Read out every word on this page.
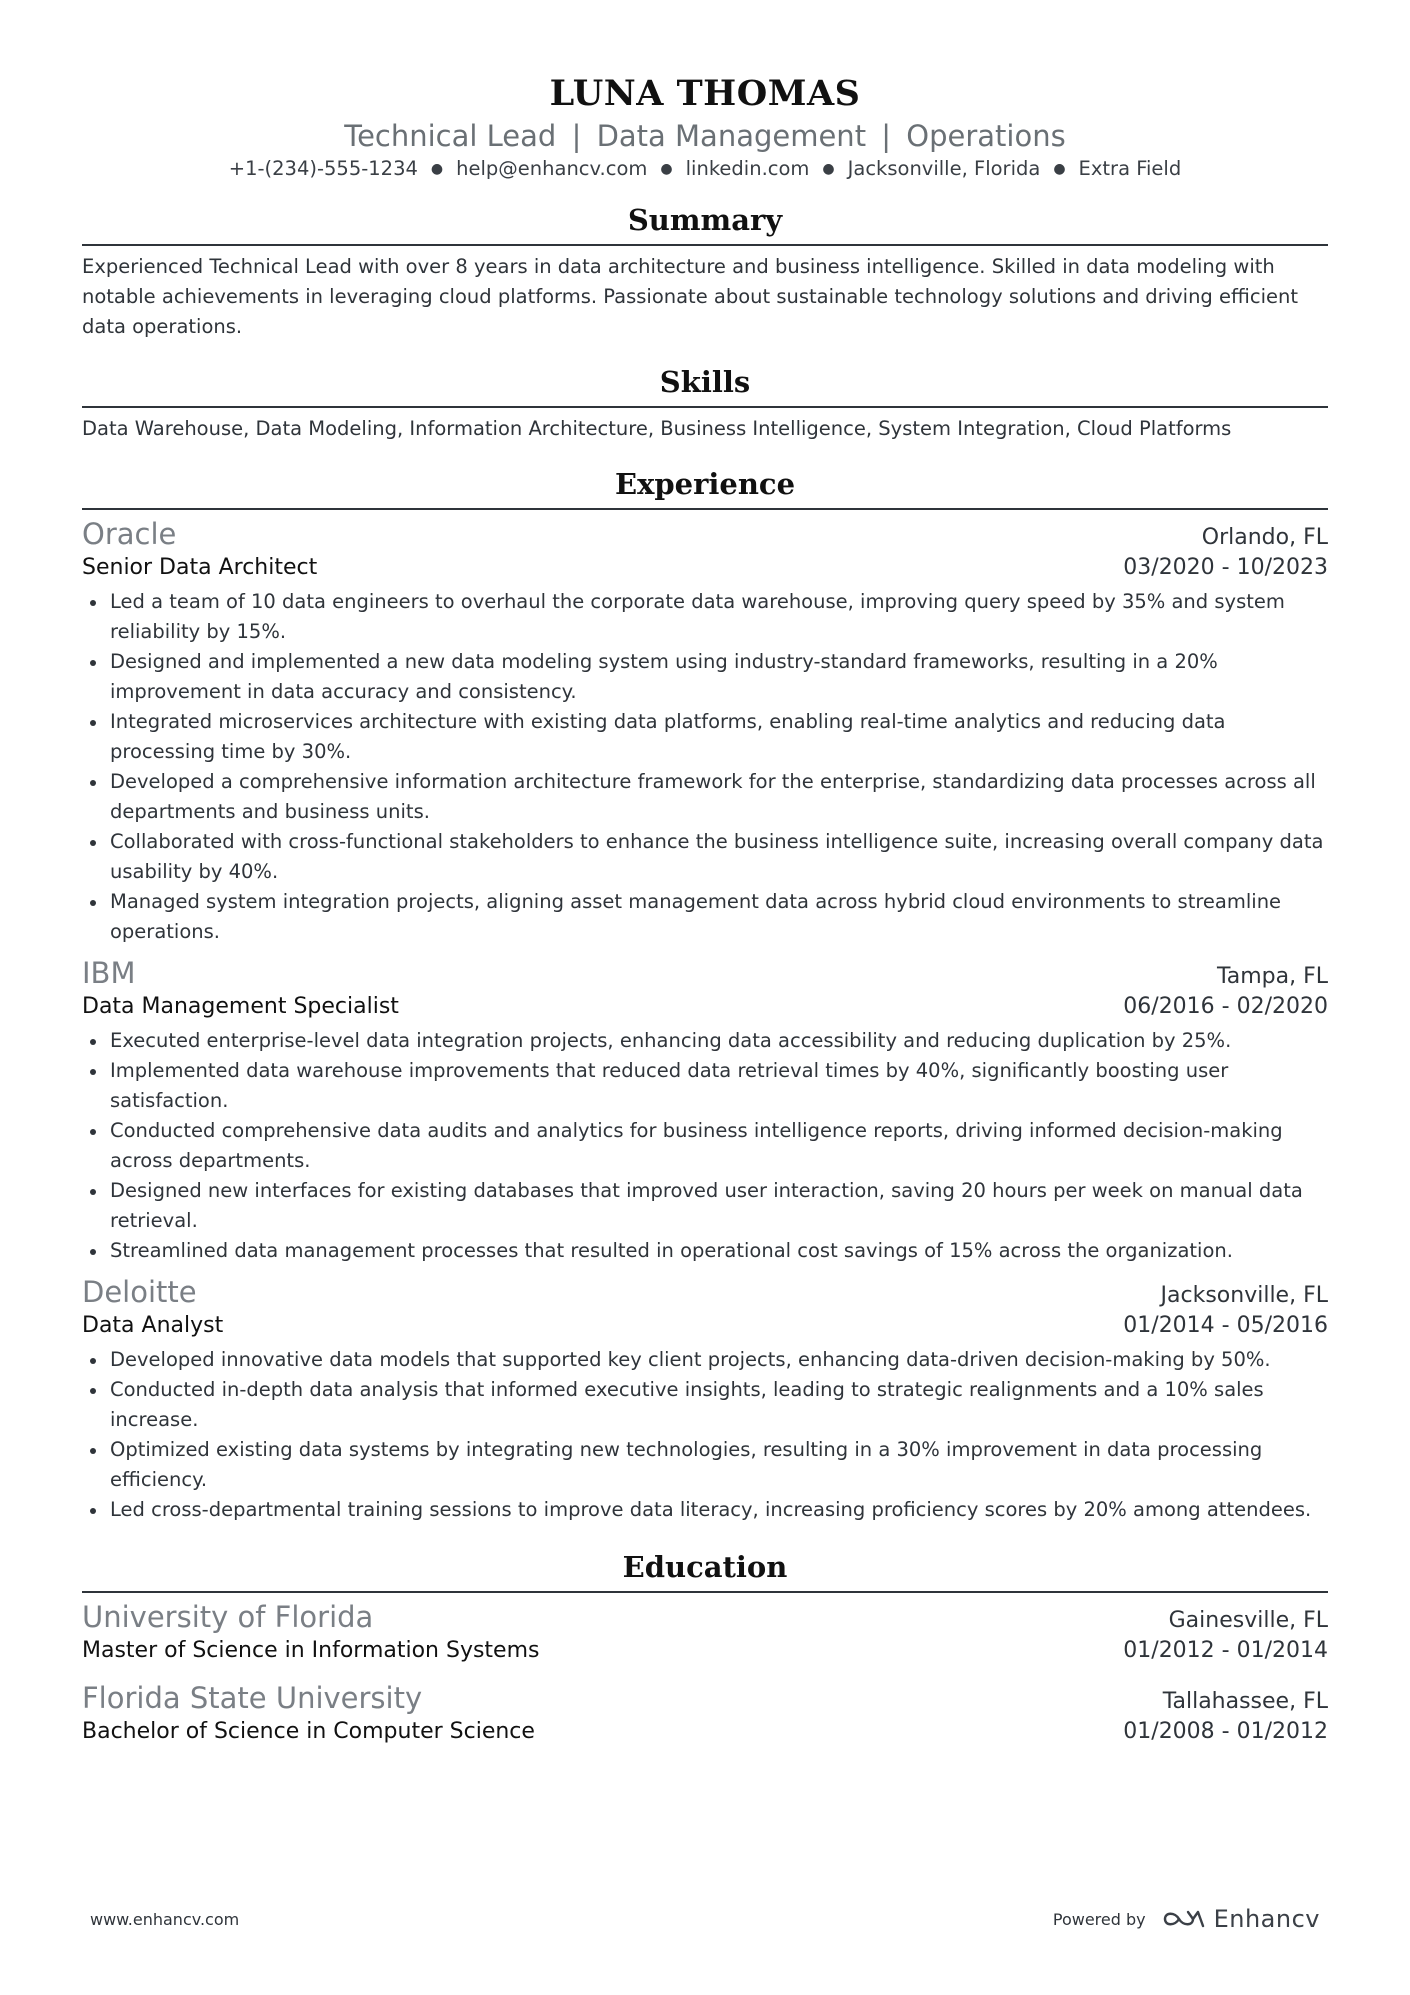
LUNA THOMAS
Technical Lead | Data Management | Operations
+1-(234)-555-1234 ● help@enhancv.com ● linkedin.com ● Jacksonville, Florida ● Extra Field
Summary
Experienced Technical Lead with over 8 years in data architecture and business intelligence. Skilled in data modeling with notable achievements in leveraging cloud platforms. Passionate about sustainable technology solutions and driving efficient data operations.
Skills
Data Warehouse, Data Modeling, Information Architecture, Business Intelligence, System Integration, Cloud Platforms
Experience
Oracle	Orlando, FL
Senior Data Architect	03/2020 - 10/2023
Led a team of 10 data engineers to overhaul the corporate data warehouse, improving query speed by 35% and system reliability by 15%.
Designed and implemented a new data modeling system using industry-standard frameworks, resulting in a 20% improvement in data accuracy and consistency.
Integrated microservices architecture with existing data platforms, enabling real-time analytics and reducing data processing time by 30%.
Developed a comprehensive information architecture framework for the enterprise, standardizing data processes across all departments and business units.
Collaborated with cross-functional stakeholders to enhance the business intelligence suite, increasing overall company data usability by 40%.
Managed system integration projects, aligning asset management data across hybrid cloud environments to streamline operations.
IBM	Tampa, FL
Data Management Specialist	06/2016 - 02/2020
Executed enterprise-level data integration projects, enhancing data accessibility and reducing duplication by 25%.
Implemented data warehouse improvements that reduced data retrieval times by 40%, significantly boosting user satisfaction.
Conducted comprehensive data audits and analytics for business intelligence reports, driving informed decision-making across departments.
Designed new interfaces for existing databases that improved user interaction, saving 20 hours per week on manual data retrieval.
Streamlined data management processes that resulted in operational cost savings of 15% across the organization.
Deloitte	Jacksonville, FL
Data Analyst	01/2014 - 05/2016
Developed innovative data models that supported key client projects, enhancing data-driven decision-making by 50%.
Conducted in-depth data analysis that informed executive insights, leading to strategic realignments and a 10% sales increase.
Optimized existing data systems by integrating new technologies, resulting in a 30% improvement in data processing efficiency.
Led cross-departmental training sessions to improve data literacy, increasing proficiency scores by 20% among attendees.
Education
University of Florida	Gainesville, FL
Master of Science in Information Systems	01/2012 - 01/2014
Florida State University	Tallahassee, FL
Bachelor of Science in Computer Science	01/2008 - 01/2012
www.enhancv.com	Powered by	Enhancv
